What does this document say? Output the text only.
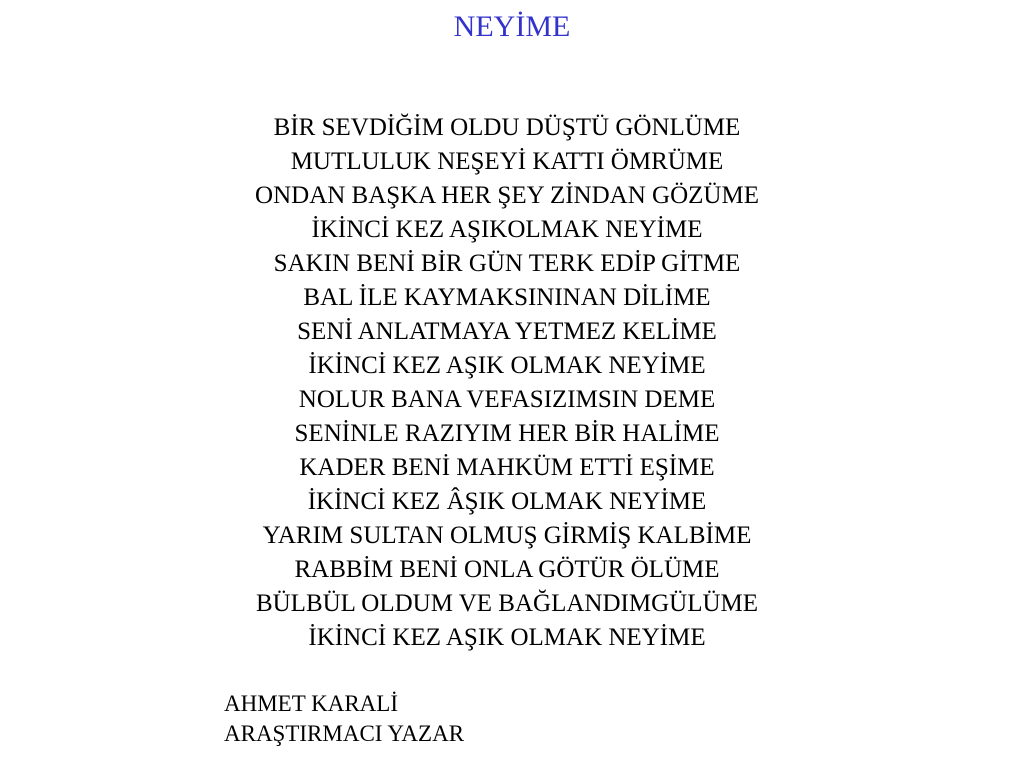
NEYİME
BİR SEVDİĞİM OLDU DÜŞTÜ GÖNLÜME
MUTLULUK NEŞEYİ KATTI ÖMRÜME
ONDAN BAŞKA HER ŞEY ZİNDAN GÖZÜME
İKİNCİ KEZ AŞIKOLMAK NEYİME
SAKIN BENİ BİR GÜN TERK EDİP GİTME
BAL İLE KAYMAKSININAN DİLİME
SENİ ANLATMAYA YETMEZ KELİME
İKİNCİ KEZ AŞIK OLMAK NEYİME
NOLUR BANA VEFASIZIMSIN DEME
SENİNLE RAZIYIM HER BİR HALİME
KADER BENİ MAHKÜM ETTİ EŞİME
İKİNCİ KEZ ÂŞIK OLMAK NEYİME
YARIM SULTAN OLMUŞ GİRMİŞ KALBİME
RABBİM BENİ ONLA GÖTÜR ÖLÜME
BÜLBÜL OLDUM VE BAĞLANDIMGÜLÜME
İKİNCİ KEZ AŞIK OLMAK NEYİME
AHMET KARALİ
ARAŞTIRMACI YAZAR
